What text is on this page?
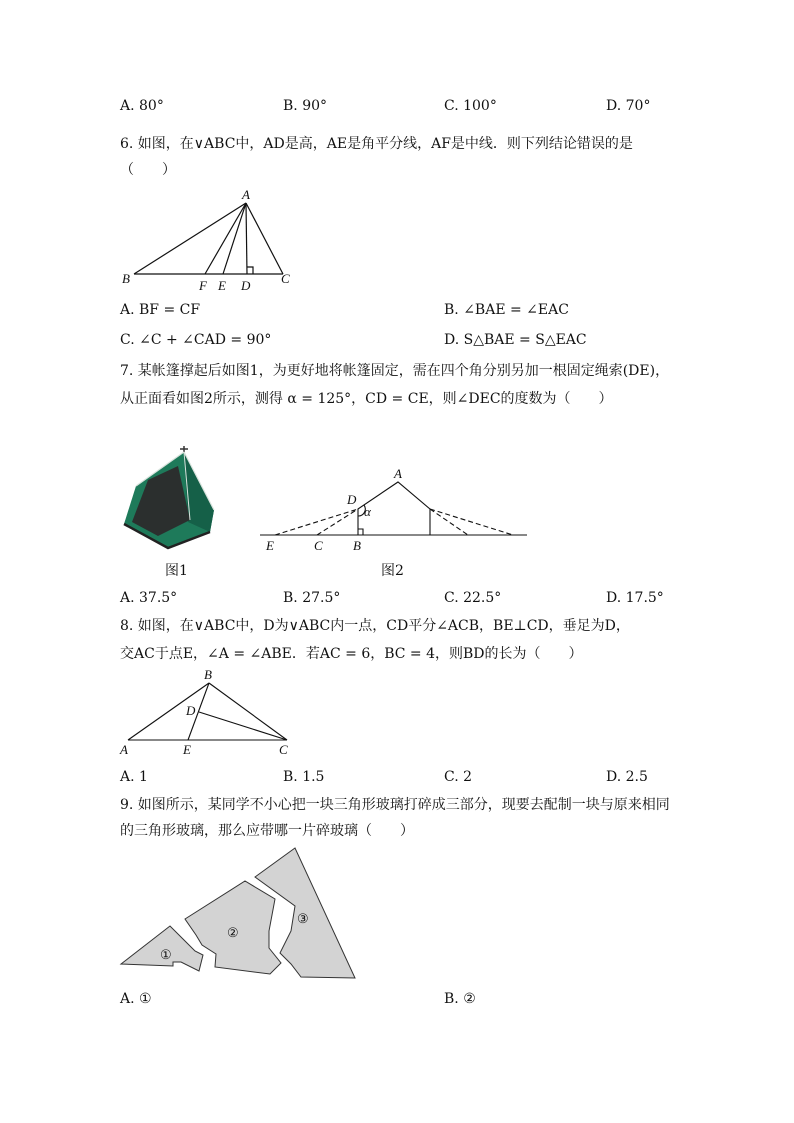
A. 80°	B. 90°	C. 100°	D. 70°
6. 如图，在∨ABC中，AD是高，AE是角平分线，AF是中线．则下列结论错误的是
（　　）
A
B	C
F E D
A. BF = CF	B. ∠BAE = ∠EAC
C. ∠C + ∠CAD = 90°	D. S△BAE = S△EAC
7. 某帐篷撑起后如图1，为更好地将帐篷固定，需在四个角分别另加一根固定绳索(DE)，
从正面看如图2所示，测得 α = 125°，CD = CE，则∠DEC的度数为（　　）
A
D
α
E	C B
图1	图2
A. 37.5°	B. 27.5°	C. 22.5°	D. 17.5°
8. 如图，在∨ABC中，D为∨ABC内一点，CD平分∠ACB，BE⊥CD，垂足为D，
交AC于点E，∠A = ∠ABE．若AC = 6，BC = 4，则BD的长为（　　）
B
D
A	E	C
A. 1	B. 1.5	C. 2	D. 2.5
9. 如图所示，某同学不小心把一块三角形玻璃打碎成三部分，现要去配制一块与原来相同
的三角形玻璃，那么应带哪一片碎玻璃（　　）
①
②
③
A. ①	B. ②
